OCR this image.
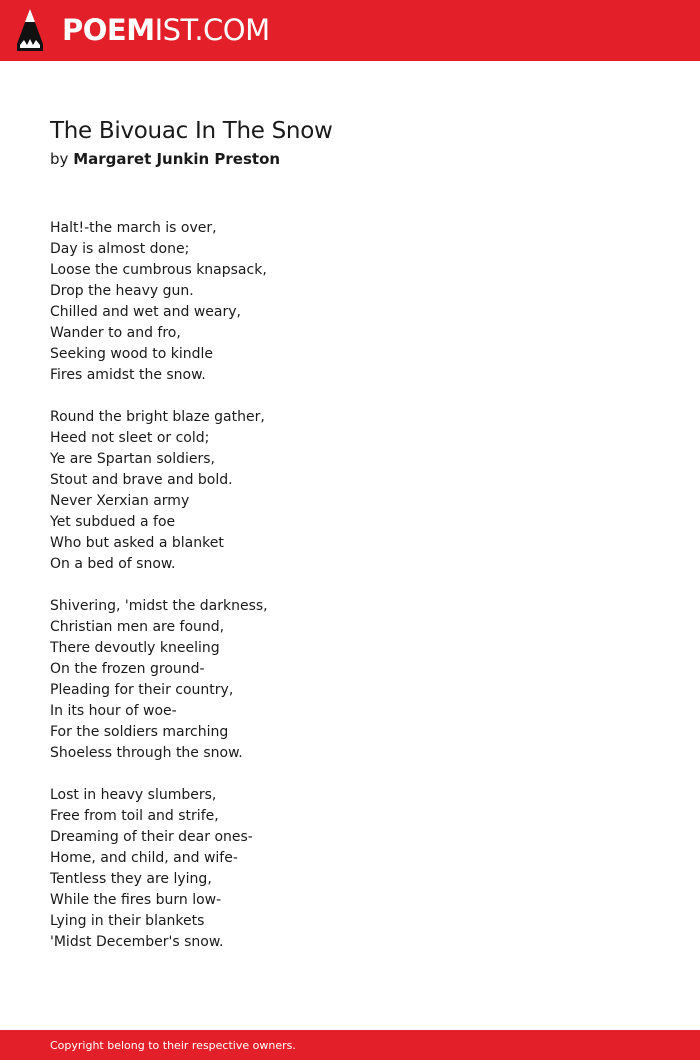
POEMIST.COM
The Bivouac In The Snow
by Margaret Junkin Preston
Halt!-the march is over,
Day is almost done;
Loose the cumbrous knapsack,
Drop the heavy gun.
Chilled and wet and weary,
Wander to and fro,
Seeking wood to kindle
Fires amidst the snow.
Round the bright blaze gather,
Heed not sleet or cold;
Ye are Spartan soldiers,
Stout and brave and bold.
Never Xerxian army
Yet subdued a foe
Who but asked a blanket
On a bed of snow.
Shivering, 'midst the darkness,
Christian men are found,
There devoutly kneeling
On the frozen ground-
Pleading for their country,
In its hour of woe-
For the soldiers marching
Shoeless through the snow.
Lost in heavy slumbers,
Free from toil and strife,
Dreaming of their dear ones-
Home, and child, and wife-
Tentless they are lying,
While the fires burn low-
Lying in their blankets
'Midst December's snow.
Copyright belong to their respective owners.
